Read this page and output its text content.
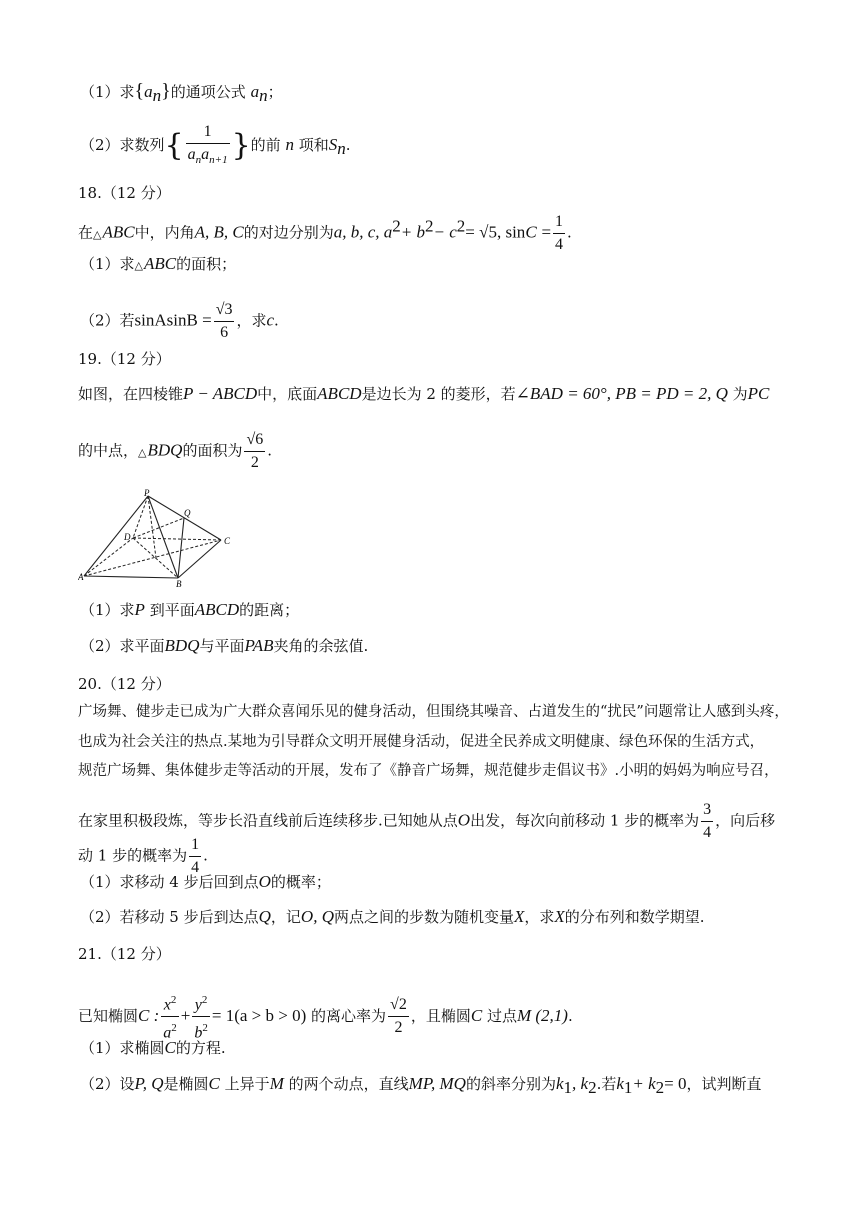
（1）求$\{a_n\}$的通项公式 $a_n$；
（2）求数列{ $\frac{1}{a_na_{n+1}}$ }的前 n 项和$S_n$.
18.（12 分）
在△ABC中，内角A, B, C的对边分别为a, b, c, $a^2+ b^2- c^2= √5$, $\sin C = \frac{1}{4}$ .
（1）求△ABC的面积；
（2）若sinAsinB = $\frac{√3}{6}$ ，求c.
19.（12 分）
如图，在四棱锥P − ABCD中，底面ABCD是边长为 2 的菱形，若∠BAD = 60°, PB = PD = 2, Q 为PC
的中点，△BDQ的面积为 $\frac{√6}{2}$ .
P
Q
D	C
A
B
（1）求P 到平面ABCD的距离；
（2）求平面BDQ与平面PAB夹角的余弦值.
20.（12 分）
广场舞、健步走已成为广大群众喜闻乐见的健身活动，但围绕其噪音、占道发生的“扰民”问题常让人感到头疼，
也成为社会关注的热点.某地为引导群众文明开展健身活动，促进全民养成文明健康、绿色环保的生活方式，
规范广场舞、集体健步走等活动的开展，发布了《静音广场舞，规范健步走倡议书》.小明的妈妈为响应号召，
在家里积极段炼，等步长沿直线前后连续移步.已知她从点O出发，每次向前移动 1 步的概率为 $\frac{3}{4}$ ，向后移
动 1 步的概率为 $\frac{1}{4}$ .
（1）求移动 4 步后回到点O的概率；
（2）若移动 5 步后到达点Q，记O, Q两点之间的步数为随机变量X，求X的分布列和数学期望.
21.（12 分）
已知椭圆C : $\frac{x^2}{a^2} + \frac{y^2}{b^2} = 1(a > b > 0)$ 的离心率为 $\frac{√2}{2}$ ，且椭圆C 过点M (2,1).
（1）求椭圆C的方程.
（2）设P, Q是椭圆C 上异于M 的两个动点，直线MP, MQ的斜率分别为$k_1$, $k_2$.若$k_1+ k_2= 0$，试判断直
